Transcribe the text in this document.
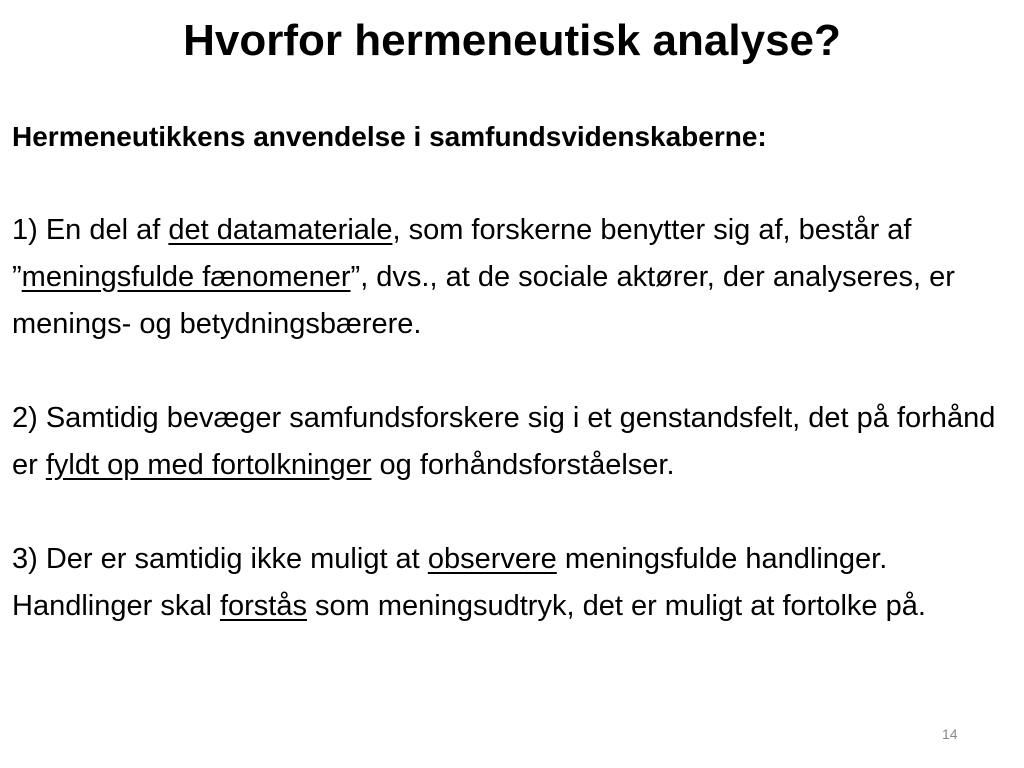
Hvorfor hermeneutisk analyse?

Hermeneutikkens anvendelse i samfundsvidenskaberne:

1) En del af det datamateriale, som forskerne benytter sig af, består af ”meningsfulde fænomener”, dvs., at de sociale aktører, der analyseres, er menings- og betydningsbærere.

2) Samtidig bevæger samfundsforskere sig i et genstandsfelt, det på forhånd er fyldt op med fortolkninger og forhåndsforståelser.

3) Der er samtidig ikke muligt at observere meningsfulde handlinger. Handlinger skal forstås som meningsudtryk, det er muligt at fortolke på.

14
